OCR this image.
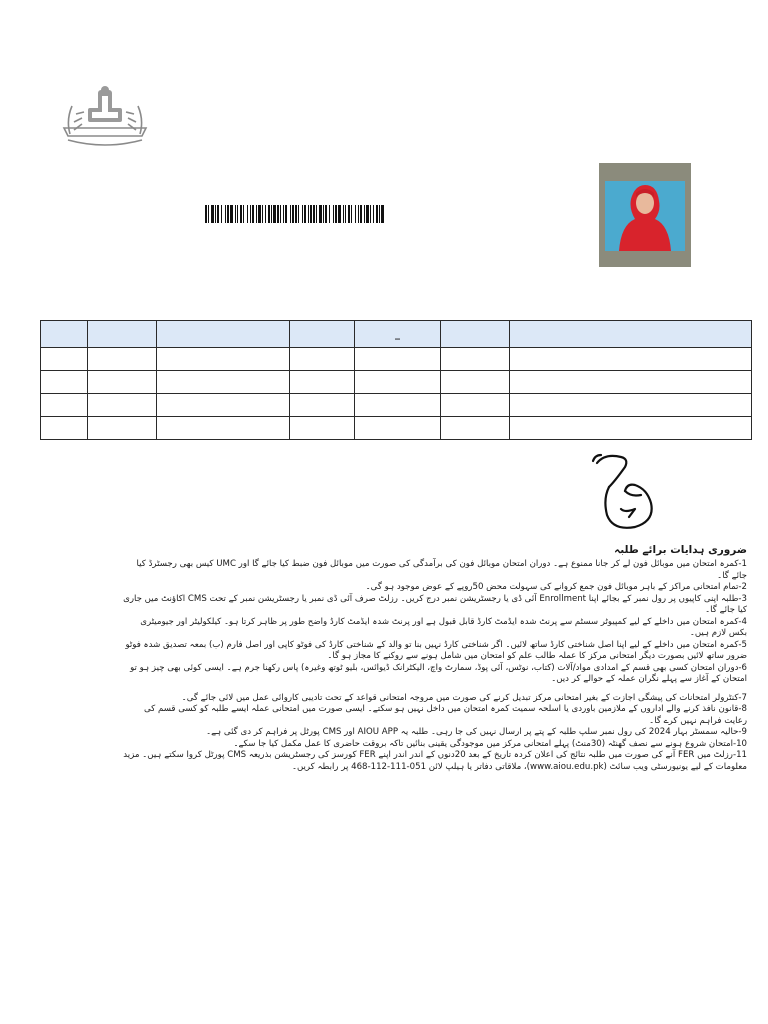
				_		

ضروری ہدایات برائے طلبہ

1-کمرہ امتحان میں موبائل فون لے کر جانا ممنوع ہے۔ دوران امتحان موبائل فون کی برآمدگی کی صورت میں موبائل فون ضبط کیا جائے گا اور UMC کیس بھی رجسٹرڈ کیا جائے گا۔

2-تمام امتحانی مراکز کے باہر موبائل فون جمع کروانے کی سہولت محض 50روپے کے عوض موجود ہو گی۔

3-طلبہ اپنی کاپیوں پر رول نمبر کے بجائے اپنا Enrollment آئی ڈی یا رجسٹریشن نمبر درج کریں۔ رزلٹ صرف آئی ڈی نمبر یا رجسٹریشن نمبر کے تحت CMS اکاؤنٹ میں جاری کیا جائے گا۔

4-کمرہ امتحان میں داخلے کے لیے کمپیوٹر سسٹم سے پرنٹ شدہ ایڈمٹ کارڈ قابل قبول ہے اور پرنٹ شدہ ایڈمٹ کارڈ واضح طور پر ظاہر کرتا ہو۔ کیلکولیٹر اور جیومیٹری بکس لازم ہیں۔

5-کمرہ امتحان میں داخلے کے لیے اپنا اصل شناختی کارڈ ساتھ لائیں۔ اگر شناختی کارڈ نہیں بنا تو والد کے شناختی کارڈ کی فوٹو کاپی اور اصل فارم (ب) بمعہ تصدیق شدہ فوٹو ضرور ساتھ لائیں بصورت دیگر امتحانی مرکز کا عملہ طالب علم کو امتحان میں شامل ہونے سے روکنے کا مجاز ہو گا۔

6-دوران امتحان کسی بھی قسم کے امدادی مواد/آلات (کتاب، نوٹس، آئی پوڈ، سمارٹ واچ، الیکٹرانک ڈیوائس، بلیو ٹوتھ وغیرہ) پاس رکھنا جرم ہے۔ ایسی کوئی بھی چیز ہو تو امتحان کے آغاز سے پہلے نگران عملہ کے حوالے کر دیں۔

7-کنٹرولر امتحانات کی پیشگی اجازت کے بغیر امتحانی مرکز تبدیل کرنے کی صورت میں مروجہ امتحانی قواعد کے تحت تادیبی کاروائی عمل میں لائی جائے گی۔

8-قانون نافذ کرنے والے اداروں کے ملازمین باوردی یا اسلحہ سمیت کمرہ امتحان میں داخل نہیں ہو سکتے۔ ایسی صورت میں امتحانی عملہ ایسے طلبہ کو کسی قسم کی رعایت فراہم نہیں کرے گا۔

9-حالیہ سمسٹر بہار 2024 کی رول نمبر سلپ طلبہ کے پتے پر ارسال نہیں کی جا رہی۔ طلبہ یہ AIOU APP اور CMS پورٹل پر فراہم کر دی گئی ہے۔

10-امتحان شروع ہونے سے نصف گھنٹہ (30منٹ) پہلے امتحانی مرکز میں موجودگی یقینی بنائیں تاکہ بروقت حاضری کا عمل مکمل کیا جا سکے۔

11-رزلٹ میں FER آنے کی صورت میں طلبہ نتائج کی اعلان کردہ تاریخ کے بعد 20دنوں کے اندر اندر اپنے FER کورسز کی رجسٹریشن بذریعہ CMS پورٹل کروا سکتے ہیں۔ مزید معلومات کے لیے یونیورسٹی ویب سائٹ (www.aiou.edu.pk)، ملاقاتی دفاتر یا ہیلپ لائن 051-111-112-468 پر رابطہ کریں۔
